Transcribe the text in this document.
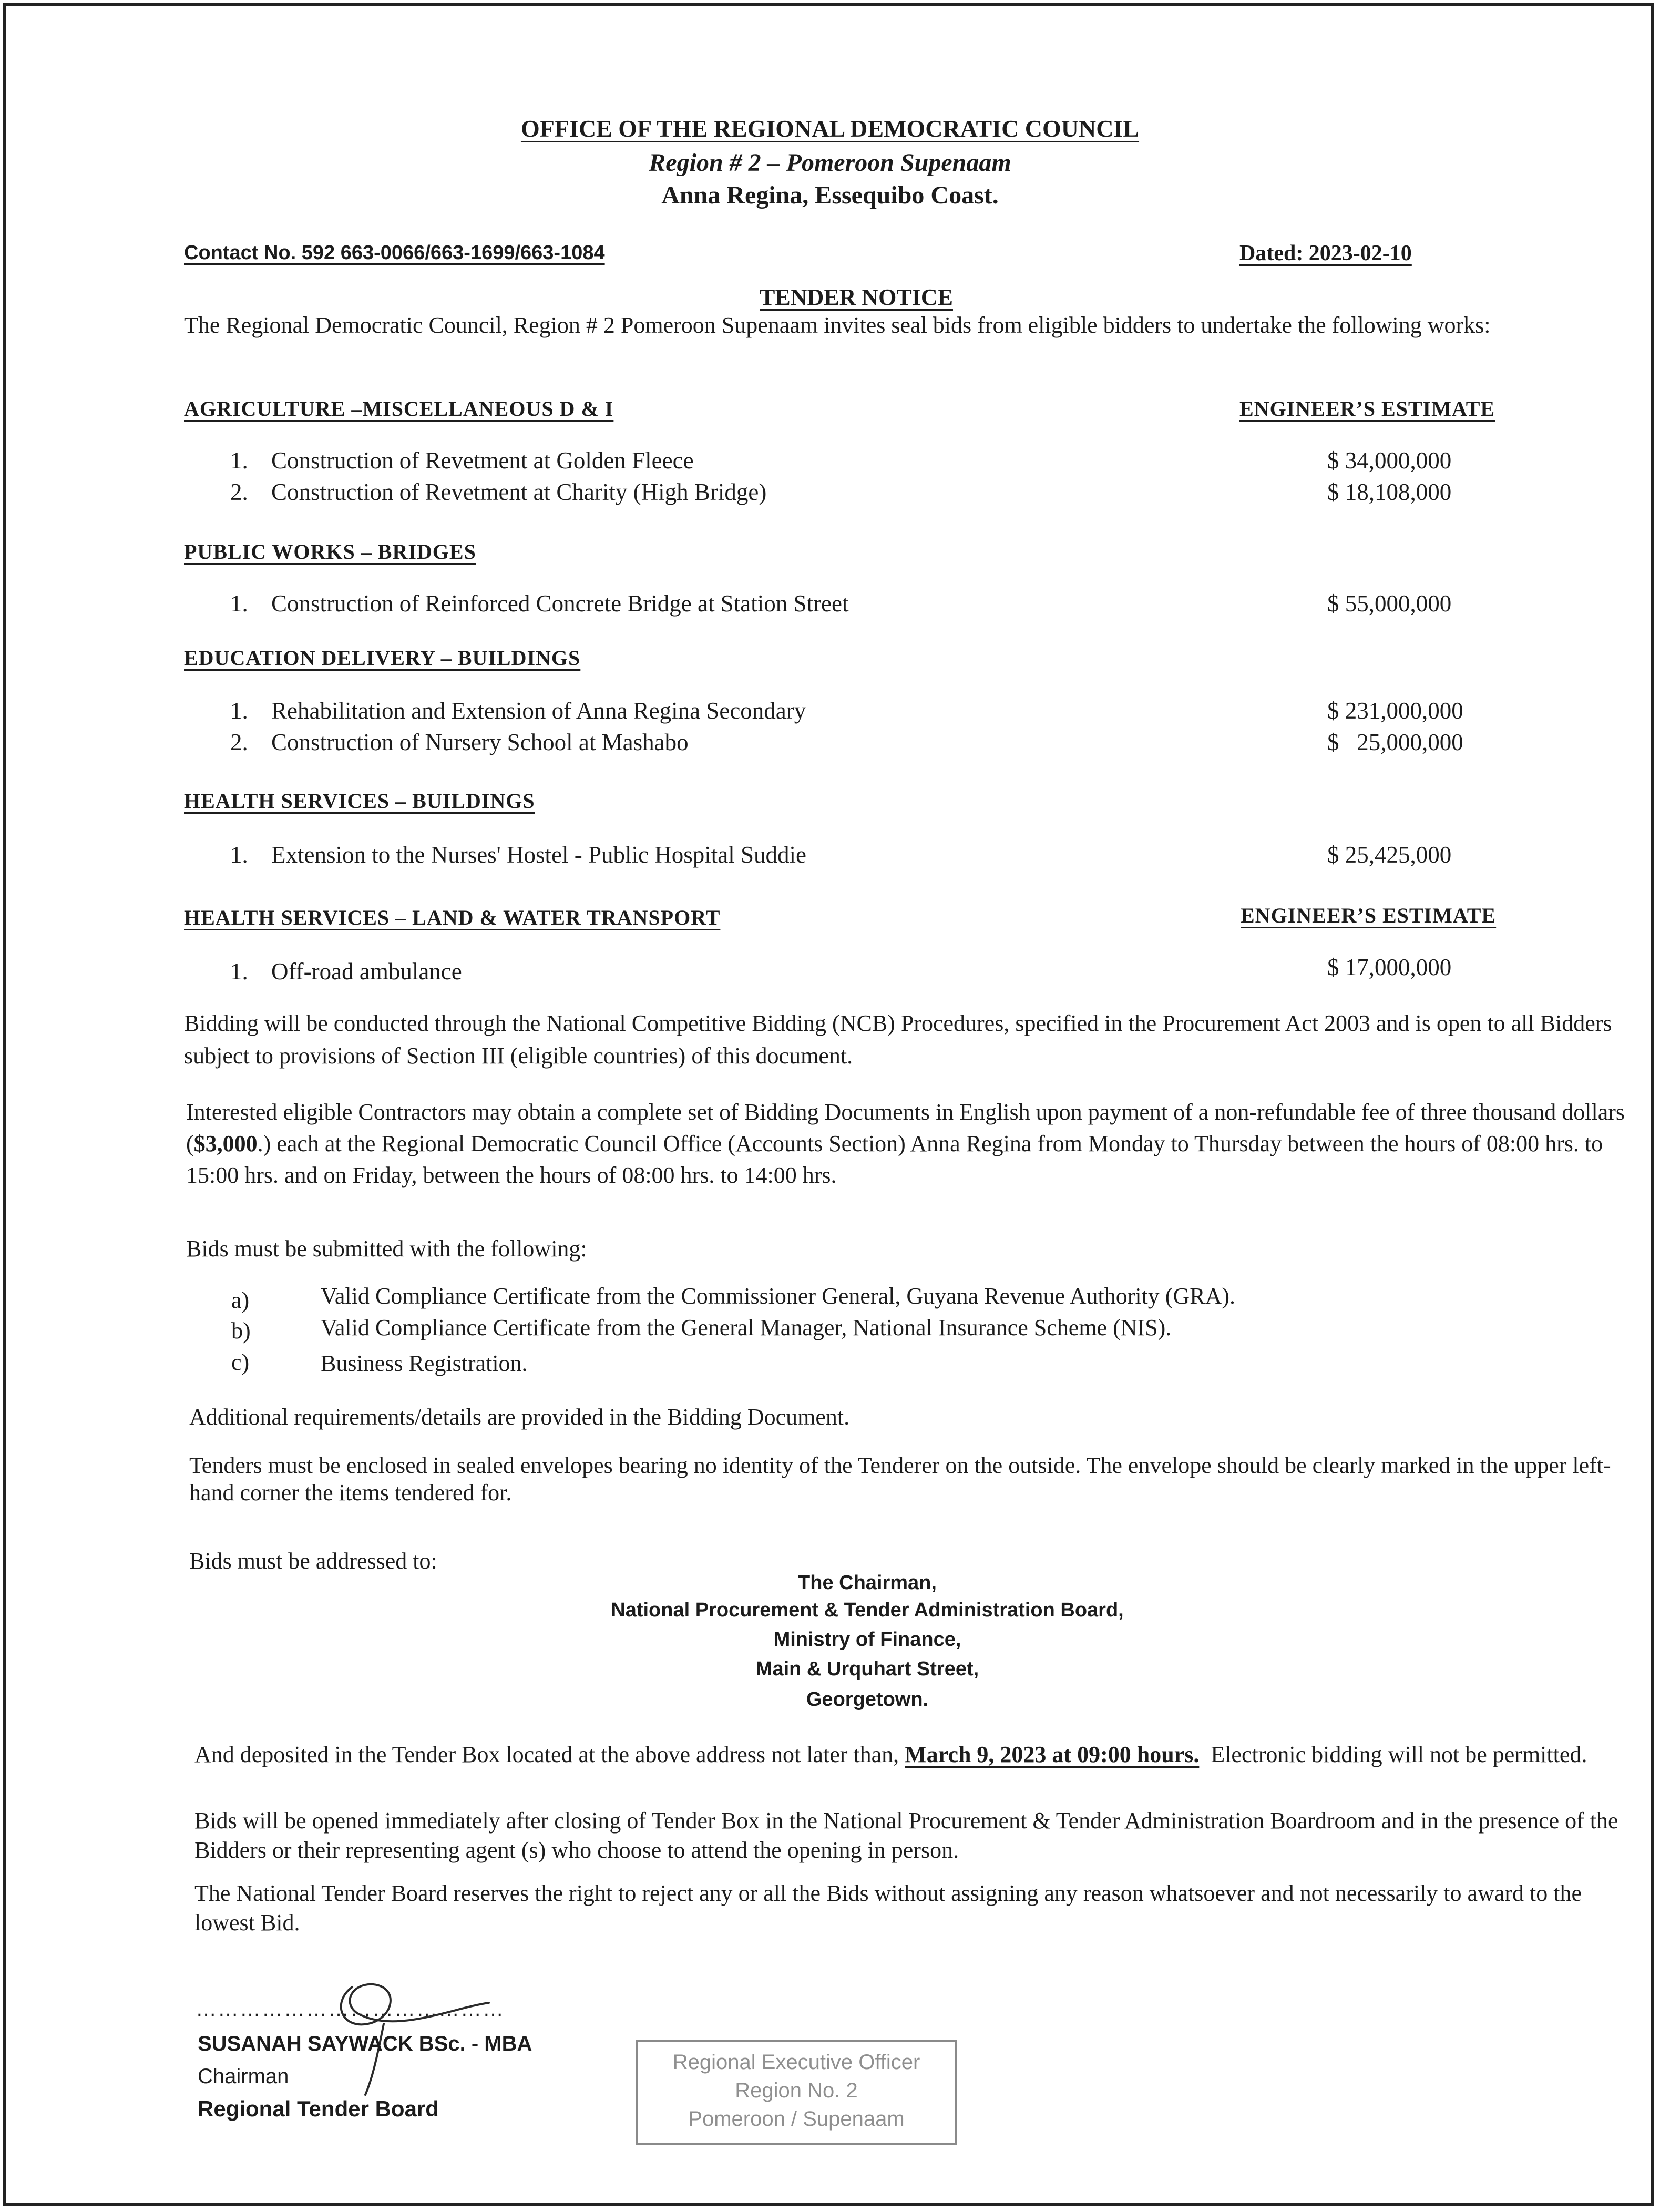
OFFICE OF THE REGIONAL DEMOCRATIC COUNCIL

Region # 2 – Pomeroon Supenaam

Anna Regina, Essequibo Coast.

Contact No. 592 663-0066/663-1699/663-1084	Dated: 2023-02-10

TENDER NOTICE

The Regional Democratic Council, Region # 2 Pomeroon Supenaam invites seal bids from eligible bidders to undertake the following works:

AGRICULTURE –MISCELLANEOUS D & I	ENGINEER’S ESTIMATE

1. Construction of Revetment at Golden Fleece	$ 34,000,000

2. Construction of Revetment at Charity (High Bridge)	$ 18,108,000

PUBLIC WORKS – BRIDGES

1. Construction of Reinforced Concrete Bridge at Station Street	$ 55,000,000

EDUCATION DELIVERY – BUILDINGS

1. Rehabilitation and Extension of Anna Regina Secondary	$ 231,000,000

2. Construction of Nursery School at Mashabo	$   25,000,000

HEALTH SERVICES – BUILDINGS

1. Extension to the Nurses' Hostel - Public Hospital Suddie	$ 25,425,000

HEALTH SERVICES – LAND & WATER TRANSPORT	ENGINEER’S ESTIMATE

1. Off-road ambulance	$ 17,000,000

Bidding will be conducted through the National Competitive Bidding (NCB) Procedures, specified in the Procurement Act 2003 and is open to all Bidders subject to provisions of Section III (eligible countries) of this document.

Interested eligible Contractors may obtain a complete set of Bidding Documents in English upon payment of a non-refundable fee of three thousand dollars ($3,000.) each at the Regional Democratic Council Office (Accounts Section) Anna Regina from Monday to Thursday between the hours of 08:00 hrs. to 15:00 hrs. and on Friday, between the hours of 08:00 hrs. to 14:00 hrs.

Bids must be submitted with the following:

a)	Valid Compliance Certificate from the Commissioner General, Guyana Revenue Authority (GRA).

b)	Valid Compliance Certificate from the General Manager, National Insurance Scheme (NIS).

c)	Business Registration.

Additional requirements/details are provided in the Bidding Document.

Tenders must be enclosed in sealed envelopes bearing no identity of the Tenderer on the outside. The envelope should be clearly marked in the upper left-hand corner the items tendered for.

Bids must be addressed to:

The Chairman,

National Procurement & Tender Administration Board,

Ministry of Finance,

Main & Urquhart Street,

Georgetown.

And deposited in the Tender Box located at the above address not later than, March 9, 2023 at 09:00 hours.  Electronic bidding will not be permitted.

Bids will be opened immediately after closing of Tender Box in the National Procurement & Tender Administration Boardroom and in the presence of the Bidders or their representing agent (s) who choose to attend the opening in person.

The National Tender Board reserves the right to reject any or all the Bids without assigning any reason whatsoever and not necessarily to award to the lowest Bid.

……………………………………

SUSANAH SAYWACK BSc. - MBA

Chairman

Regional Tender Board

Regional Executive Officer
Region No. 2
Pomeroon / Supenaam
